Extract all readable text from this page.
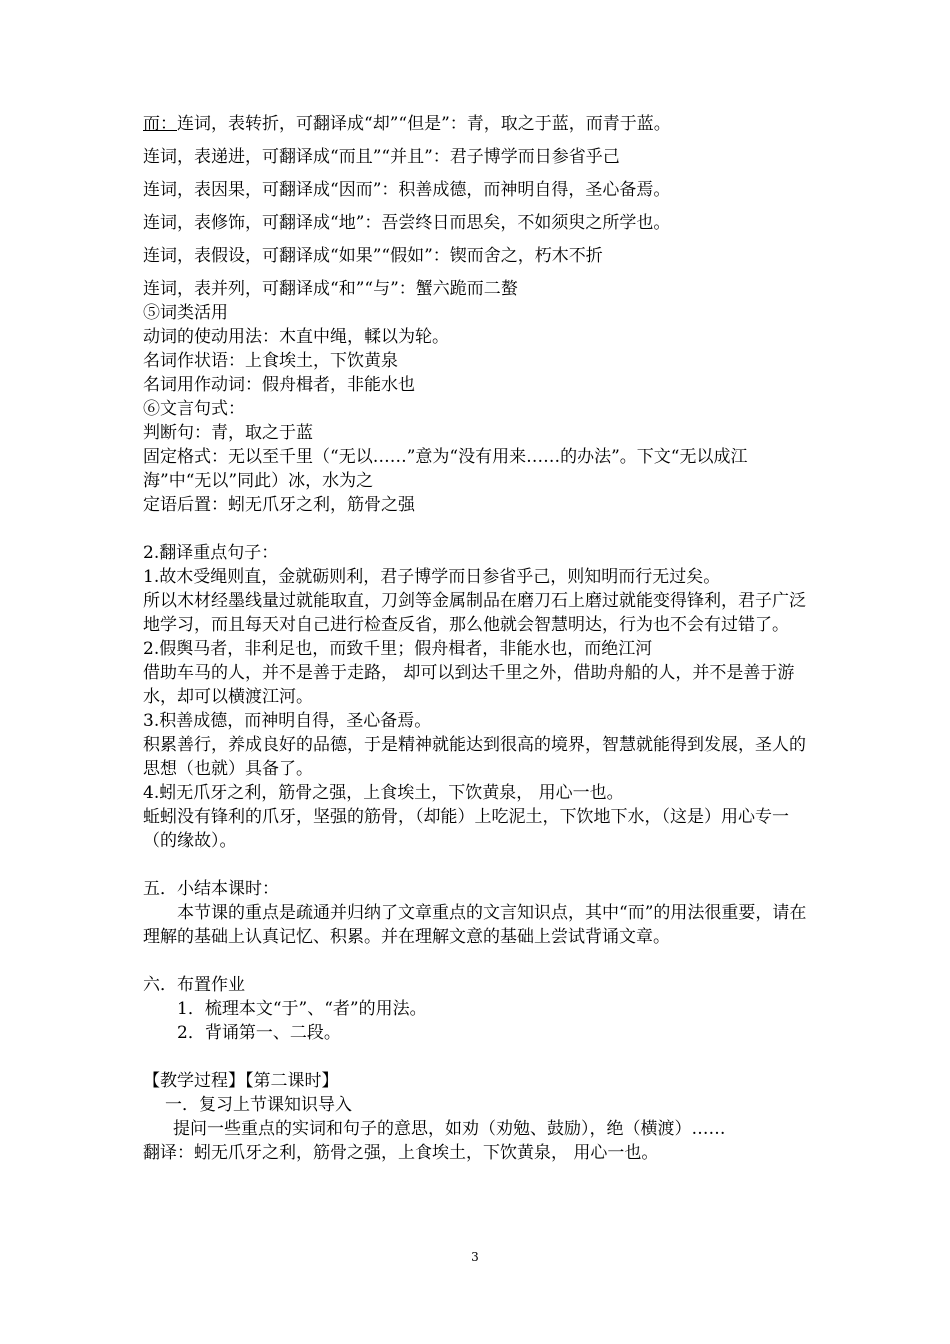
而：连词，表转折，可翻译成“却”“但是”：青，取之于蓝，而青于蓝。
连词，表递进，可翻译成“而且”“并且”：君子博学而日参省乎己
连词，表因果，可翻译成“因而”：积善成德，而神明自得，圣心备焉。
连词，表修饰，可翻译成“地”：吾尝终日而思矣，不如须臾之所学也。
连词，表假设，可翻译成“如果”“假如”：锲而舍之，朽木不折
连词，表并列，可翻译成“和”“与”：蟹六跪而二螯
⑤词类活用
动词的使动用法：木直中绳，輮以为轮。
名词作状语：上食埃土，下饮黄泉
名词用作动词：假舟楫者，非能水也
⑥文言句式：
判断句：青，取之于蓝
固定格式：无以至千里（“无以……”意为“没有用来……的办法”。下文“无以成江海”中“无以”同此）冰，水为之
定语后置：蚓无爪牙之利，筋骨之强
2.翻译重点句子：
1.故木受绳则直，金就砺则利，君子博学而日参省乎己，则知明而行无过矣。
所以木材经墨线量过就能取直，刀剑等金属制品在磨刀石上磨过就能变得锋利，君子广泛地学习，而且每天对自己进行检查反省，那么他就会智慧明达，行为也不会有过错了。
2.假舆马者，非利足也，而致千里；假舟楫者，非能水也，而绝江河
借助车马的人，并不是善于走路， 却可以到达千里之外，借助舟船的人，并不是善于游水，却可以横渡江河。
3.积善成德，而神明自得，圣心备焉。
积累善行，养成良好的品德，于是精神就能达到很高的境界，智慧就能得到发展，圣人的思想（也就）具备了。
4.蚓无爪牙之利，筋骨之强，上食埃土，下饮黄泉， 用心一也。
蚯蚓没有锋利的爪牙，坚强的筋骨，（却能）上吃泥土，下饮地下水，（这是）用心专一（的缘故）。
五．小结本课时：
本节课的重点是疏通并归纳了文章重点的文言知识点，其中“而”的用法很重要，请在理解的基础上认真记忆、积累。并在理解文意的基础上尝试背诵文章。
六．布置作业
1．梳理本文“于”、“者”的用法。
2．背诵第一、二段。
【教学过程】【第二课时】
一．复习上节课知识导入
提问一些重点的实词和句子的意思，如劝（劝勉、鼓励），绝（横渡）……
翻译：蚓无爪牙之利，筋骨之强，上食埃土，下饮黄泉， 用心一也。
3
